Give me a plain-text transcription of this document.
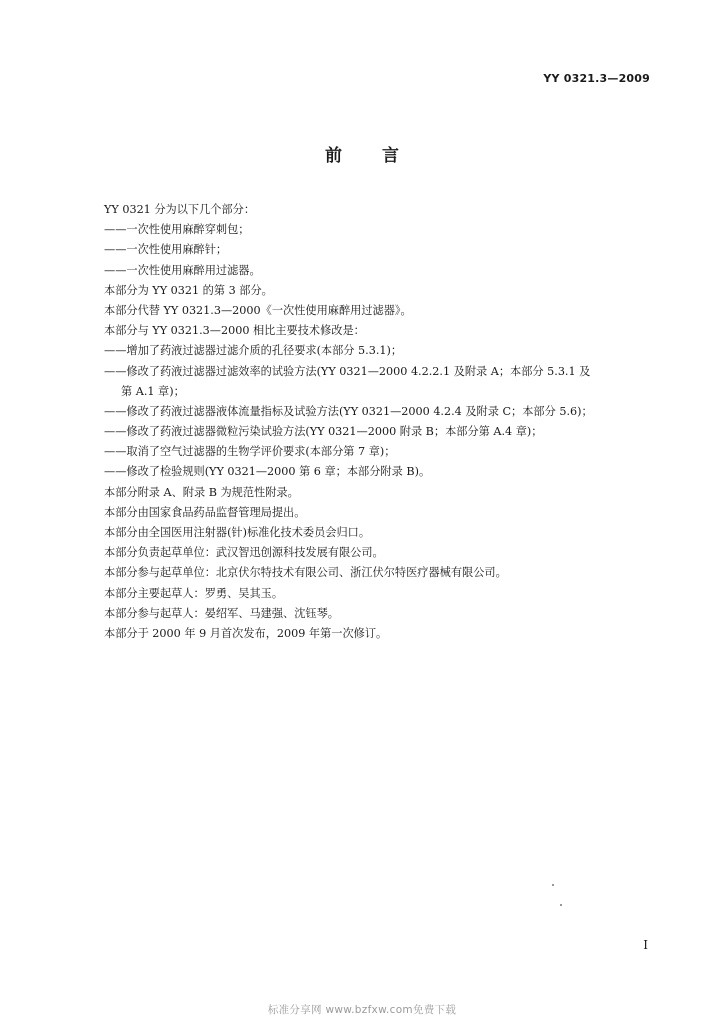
YY 0321.3—2009
前 言
YY 0321 分为以下几个部分：
——一次性使用麻醉穿刺包；
——一次性使用麻醉针；
——一次性使用麻醉用过滤器。
本部分为 YY 0321 的第 3 部分。
本部分代替 YY 0321.3—2000《一次性使用麻醉用过滤器》。
本部分与 YY 0321.3—2000 相比主要技术修改是：
——增加了药液过滤器过滤介质的孔径要求(本部分 5.3.1)；
——修改了药液过滤器过滤效率的试验方法(YY 0321—2000 4.2.2.1 及附录 A；本部分 5.3.1 及
第 A.1 章)；
——修改了药液过滤器液体流量指标及试验方法(YY 0321—2000 4.2.4 及附录 C；本部分 5.6)；
——修改了药液过滤器微粒污染试验方法(YY 0321—2000 附录 B；本部分第 A.4 章)；
——取消了空气过滤器的生物学评价要求(本部分第 7 章)；
——修改了检验规则(YY 0321—2000 第 6 章；本部分附录 B)。
本部分附录 A、附录 B 为规范性附录。
本部分由国家食品药品监督管理局提出。
本部分由全国医用注射器(针)标准化技术委员会归口。
本部分负责起草单位：武汉智迅创源科技发展有限公司。
本部分参与起草单位：北京伏尔特技术有限公司、浙江伏尔特医疗器械有限公司。
本部分主要起草人：罗勇、吴其玉。
本部分参与起草人：晏绍军、马建强、沈钰琴。
本部分于 2000 年 9 月首次发布，2009 年第一次修订。
I
标准分享网 www.bzfxw.com免费下载
